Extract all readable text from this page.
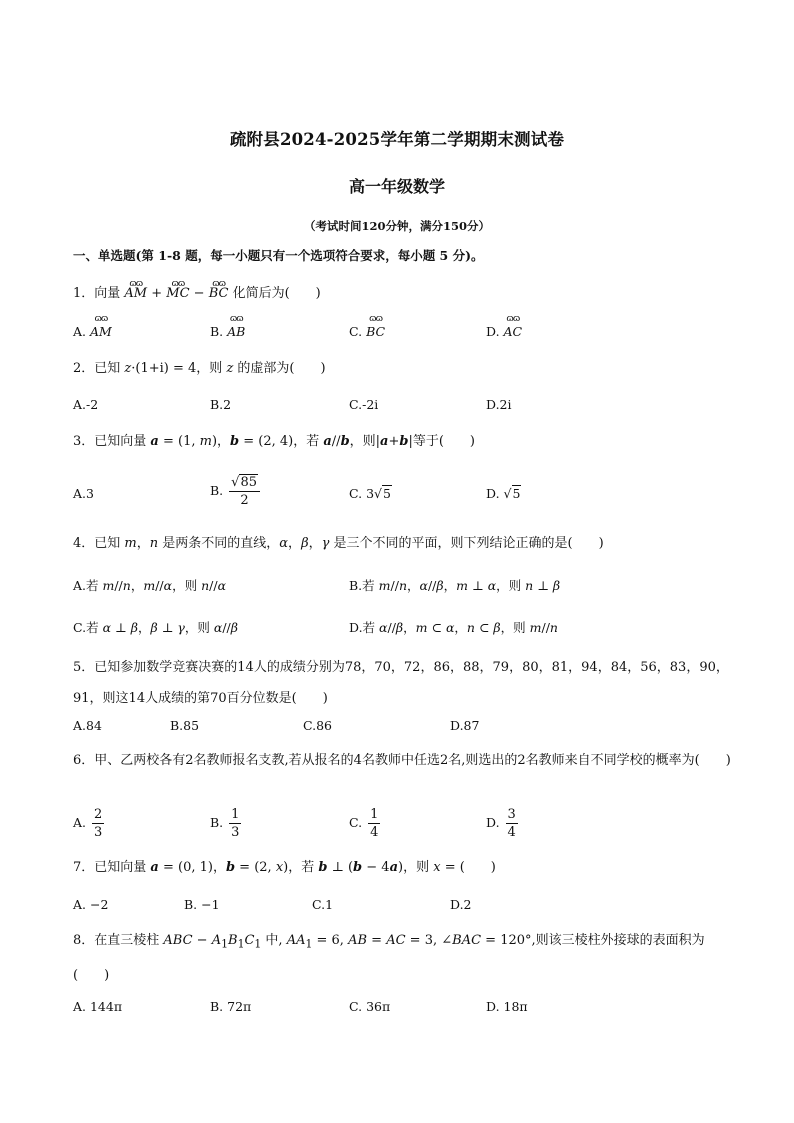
疏附县2024-2025学年第二学期期末测试卷
高一年级数学
（考试时间120分钟，满分150分）
一、单选题(第 1-8 题，每一小题只有一个选项符合要求，每小题 5 分)。
1．向量 ɷɷ AM + ɷɷ MC − ɷɷ BC 化简后为(　　)
A. ɷɷ AM	B. ɷɷ AB	C. ɷɷ BC	D. ɷɷ AC
2．已知 z·(1+i) = 4，则 z 的虚部为(　　)
A.-2	B.2	C.-2i	D.2i
3．已知向量 a = (1, m)，b = (2, 4)，若 a//b，则|a+b|等于(　　)
A.3	B. $\frac{√85}{2}$	C. 3√5	D. √5
4．已知 m，n 是两条不同的直线，α，β，γ 是三个不同的平面，则下列结论正确的是(　　)
A.若 m//n，m//α，则 n//α	B.若 m//n，α//β，m ⊥ α，则 n ⊥ β
C.若 α ⊥ β，β ⊥ γ，则 α//β	D.若 α//β，m ⊂ α，n ⊂ β，则 m//n
5．已知参加数学竞赛决赛的14人的成绩分别为78，70，72，86，88，79，80，81，94，84，56，83，90，91，则这14人成绩的第70百分位数是(　　)
A.84	B.85	C.86	D.87
6．甲、乙两校各有2名教师报名支教,若从报名的4名教师中任选2名,则选出的2名教师来自不同学校的概率为(　　)
A. $\frac{2}{3}$	B. $\frac{1}{3}$	C. $\frac{1}{4}$	D. $\frac{3}{4}$
7．已知向量 a = (0, 1)，b = (2, x)，若 b ⊥ (b − 4a)，则 x = (　　)
A. −2	B. −1	C.1	D.2
8．在直三棱柱 ABC − $A_1B_1C_1$ 中, $AA_1 = 6$, AB = AC = 3, ∠BAC = 120°,则该三棱柱外接球的表面积为
(　　)
A. 144π	B. 72π	C. 36π	D. 18π
